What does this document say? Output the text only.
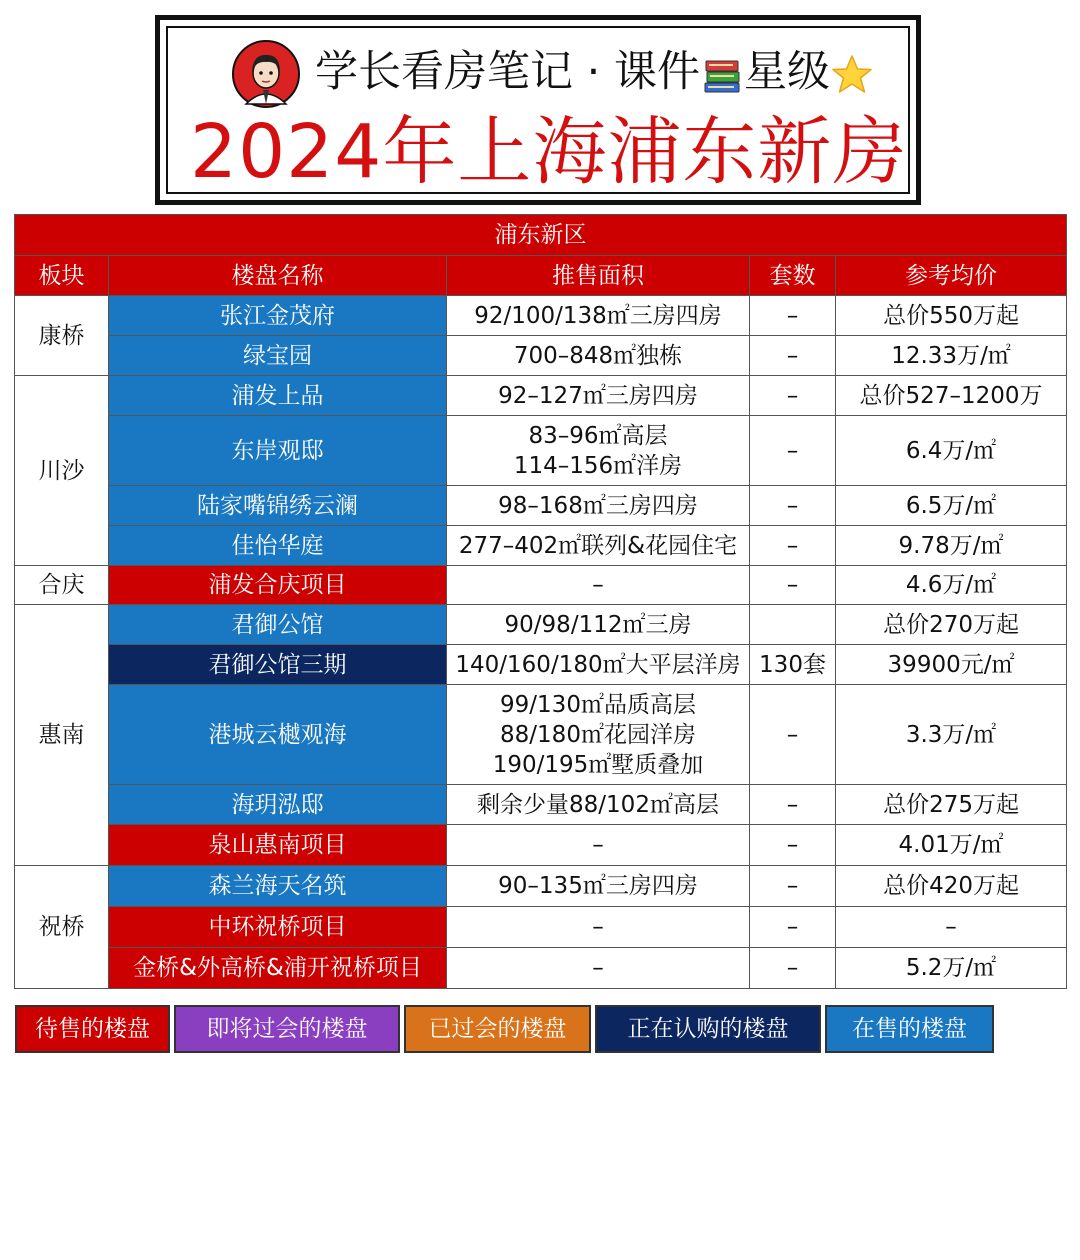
学长看房笔记 · 课件 星级
2024年上海浦东新房
浦东新区				
板块	楼盘名称	推售面积	套数	参考均价
康桥	张江金茂府	92/100/138㎡三房四房	–	总价550万起
	绿宝园	700–848㎡独栋	–	12.33万/㎡
川沙	浦发上品	92–127㎡三房四房	–	总价527–1200万
	东岸观邸	83–96㎡高层
114–156㎡洋房	–	6.4万/㎡
	陆家嘴锦绣云澜	98–168㎡三房四房	–	6.5万/㎡
	佳怡华庭	277–402㎡联列&花园住宅	–	9.78万/㎡
合庆	浦发合庆项目	–	–	4.6万/㎡
惠南	君御公馆	90/98/112㎡三房		总价270万起
	君御公馆三期	140/160/180㎡大平层洋房	130套	39900元/㎡
	港城云樾观海	99/130㎡品质高层
88/180㎡花园洋房
190/195㎡墅质叠加	–	3.3万/㎡
	海玥泓邸	剩余少量88/102㎡高层	–	总价275万起
	泉山惠南项目	–	–	4.01万/㎡
祝桥	森兰海天名筑	90–135㎡三房四房	–	总价420万起
	中环祝桥项目	–	–	–
	金桥&外高桥&浦开祝桥项目	–	–	5.2万/㎡
待售的楼盘	即将过会的楼盘	已过会的楼盘	正在认购的楼盘	在售的楼盘
